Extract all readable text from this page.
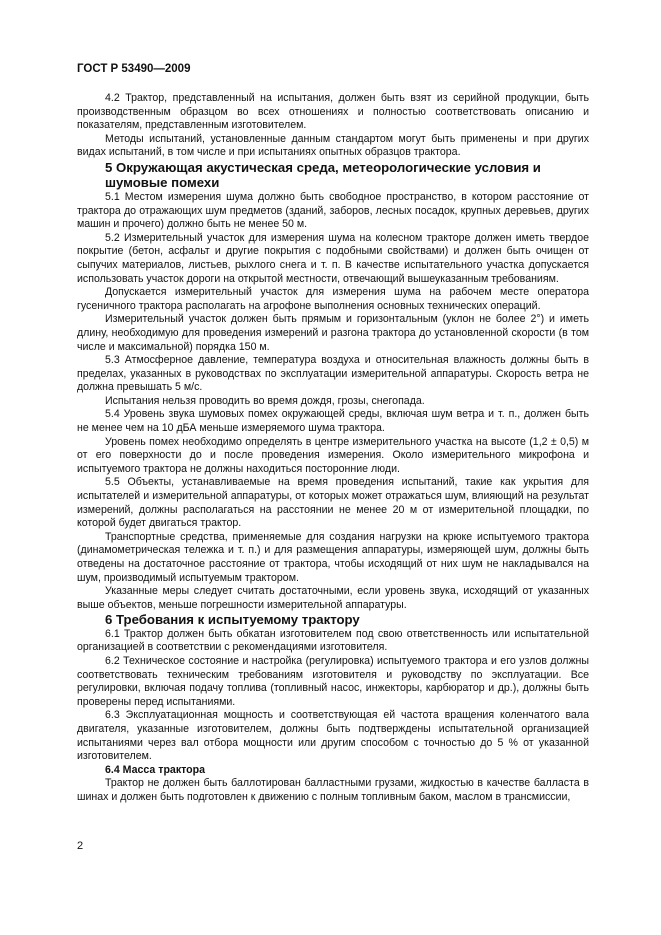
ГОСТ Р 53490—2009

4.2 Трактор, представленный на испытания, должен быть взят из серийной продукции, быть производственным образцом во всех отношениях и полностью соответствовать описанию и показателям, представленным изготовителем.

Методы испытаний, установленные данным стандартом могут быть применены и при других видах испытаний, в том числе и при испытаниях опытных образцов трактора.

5 Окружающая акустическая среда, метеорологические условия и шумовые помехи

5.1 Местом измерения шума должно быть свободное пространство, в котором расстояние от трактора до отражающих шум предметов (зданий, заборов, лесных посадок, крупных деревьев, других машин и прочего) должно быть не менее 50 м.

5.2 Измерительный участок для измерения шума на колесном тракторе должен иметь твердое покрытие (бетон, асфальт и другие покрытия с подобными свойствами) и должен быть очищен от сыпучих материалов, листьев, рыхлого снега и т. п. В качестве испытательного участка допускается использовать участок дороги на открытой местности, отвечающий вышеуказанным требованиям.

Допускается измерительный участок для измерения шума на рабочем месте оператора гусеничного трактора располагать на агрофоне выполнения основных технических операций.

Измерительный участок должен быть прямым и горизонтальным (уклон не более 2°) и иметь длину, необходимую для проведения измерений и разгона трактора до установленной скорости (в том числе и максимальной) порядка 150 м.

5.3 Атмосферное давление, температура воздуха и относительная влажность должны быть в пределах, указанных в руководствах по эксплуатации измерительной аппаратуры. Скорость ветра не должна превышать 5 м/с.

Испытания нельзя проводить во время дождя, грозы, снегопада.

5.4 Уровень звука шумовых помех окружающей среды, включая шум ветра и т. п., должен быть не менее чем на 10 дБА меньше измеряемого шума трактора.

Уровень помех необходимо определять в центре измерительного участка на высоте (1,2 ± 0,5) м от его поверхности до и после проведения измерения. Около измерительного микрофона и испытуемого трактора не должны находиться посторонние люди.

5.5 Объекты, устанавливаемые на время проведения испытаний, такие как укрытия для испытателей и измерительной аппаратуры, от которых может отражаться шум, влияющий на результат измерений, должны располагаться на расстоянии не менее 20 м от измерительной площадки, по которой будет двигаться трактор.

Транспортные средства, применяемые для создания нагрузки на крюке испытуемого трактора (динамометрическая тележка и т. п.) и для размещения аппаратуры, измеряющей шум, должны быть отведены на достаточное расстояние от трактора, чтобы исходящий от них шум не накладывался на шум, производимый испытуемым трактором.

Указанные меры следует считать достаточными, если уровень звука, исходящий от указанных выше объектов, меньше погрешности измерительной аппаратуры.

6 Требования к испытуемому трактору

6.1 Трактор должен быть обкатан изготовителем под свою ответственность или испытательной организацией в соответствии с рекомендациями изготовителя.

6.2 Техническое состояние и настройка (регулировка) испытуемого трактора и его узлов должны соответствовать техническим требованиям изготовителя и руководству по эксплуатации. Все регулировки, включая подачу топлива (топливный насос, инжекторы, карбюратор и др.), должны быть проверены перед испытаниями.

6.3 Эксплуатационная мощность и соответствующая ей частота вращения коленчатого вала двигателя, указанные изготовителем, должны быть подтверждены испытательной организацией испытаниями через вал отбора мощности или другим способом с точностью до 5 % от указанной изготовителем.

6.4 Масса трактора

Трактор не должен быть баллотирован балластными грузами, жидкостью в качестве балласта в шинах и должен быть подготовлен к движению с полным топливным баком, маслом в трансмиссии,

2
